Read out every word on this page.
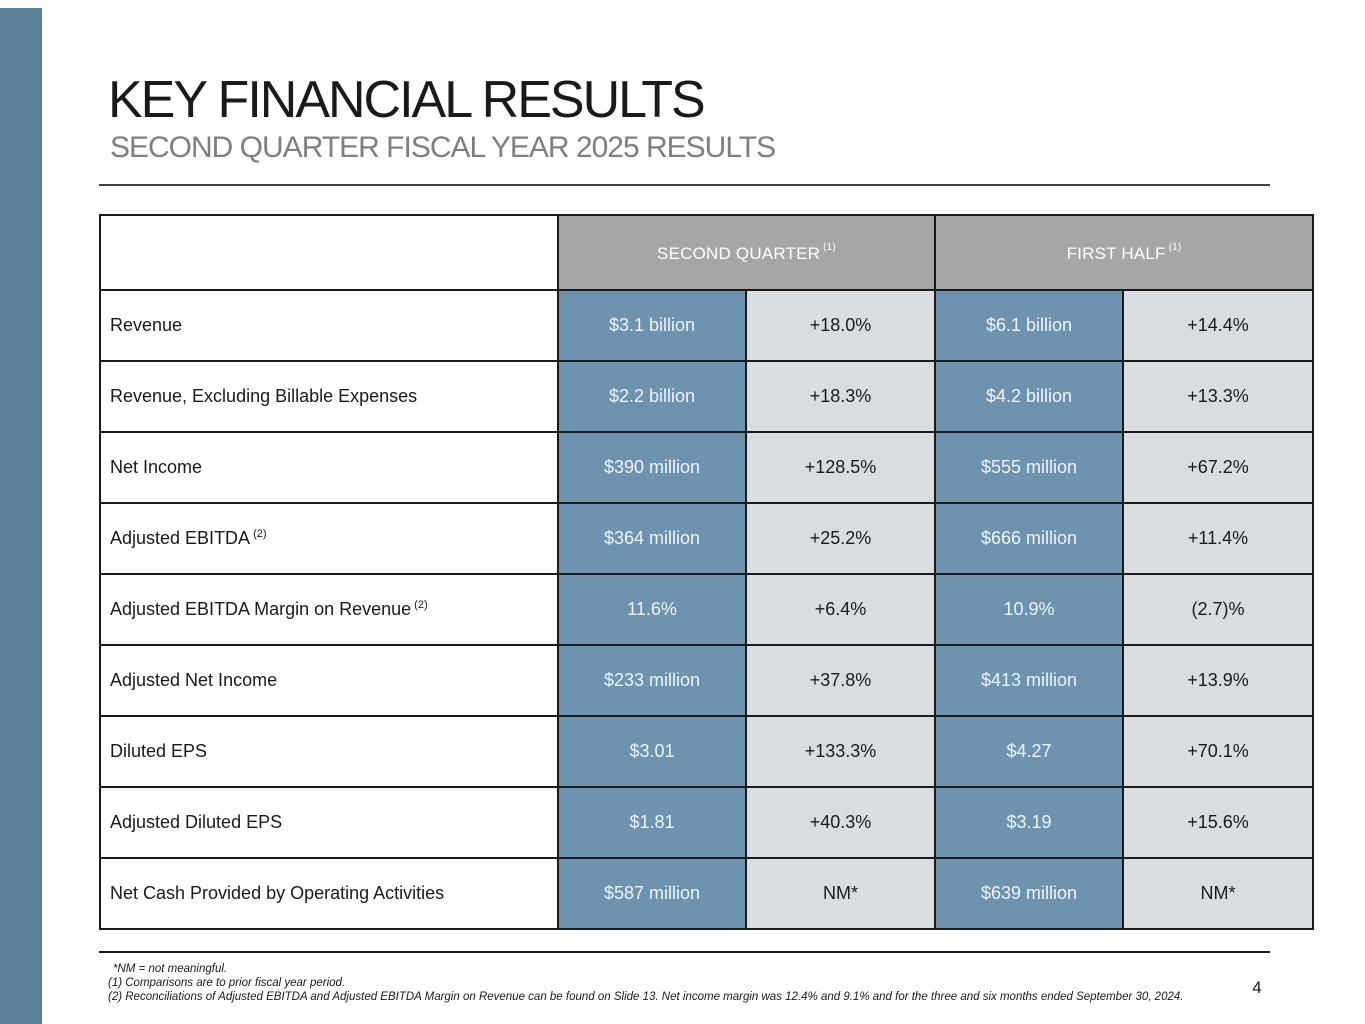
KEY FINANCIAL RESULTS
SECOND QUARTER FISCAL YEAR 2025 RESULTS
	SECOND QUARTER $^{(1)}$		FIRST HALF $^{(1)}$
Revenue	$3.1 billion	+18.0%	$6.1 billion	+14.4%
Revenue, Excluding Billable Expenses	$2.2 billion	+18.3%	$4.2 billion	+13.3%
Net Income	$390 million	+128.5%	$555 million	+67.2%
Adjusted EBITDA $^{(2)}$	$364 million	+25.2%	$666 million	+11.4%
Adjusted EBITDA Margin on Revenue $^{(2)}$	11.6%	+6.4%	10.9%	(2.7)%
Adjusted Net Income	$233 million	+37.8%	$413 million	+13.9%
Diluted EPS	$3.01	+133.3%	$4.27	+70.1%
Adjusted Diluted EPS	$1.81	+40.3%	$3.19	+15.6%
Net Cash Provided by Operating Activities	$587 million	NM*	$639 million	NM*
*NM = not meaningful.
(1) Comparisons are to prior fiscal year period.
(2) Reconciliations of Adjusted EBITDA and Adjusted EBITDA Margin on Revenue can be found on Slide 13. Net income margin was 12.4% and 9.1% and for the three and six months ended September 30, 2024.	4
